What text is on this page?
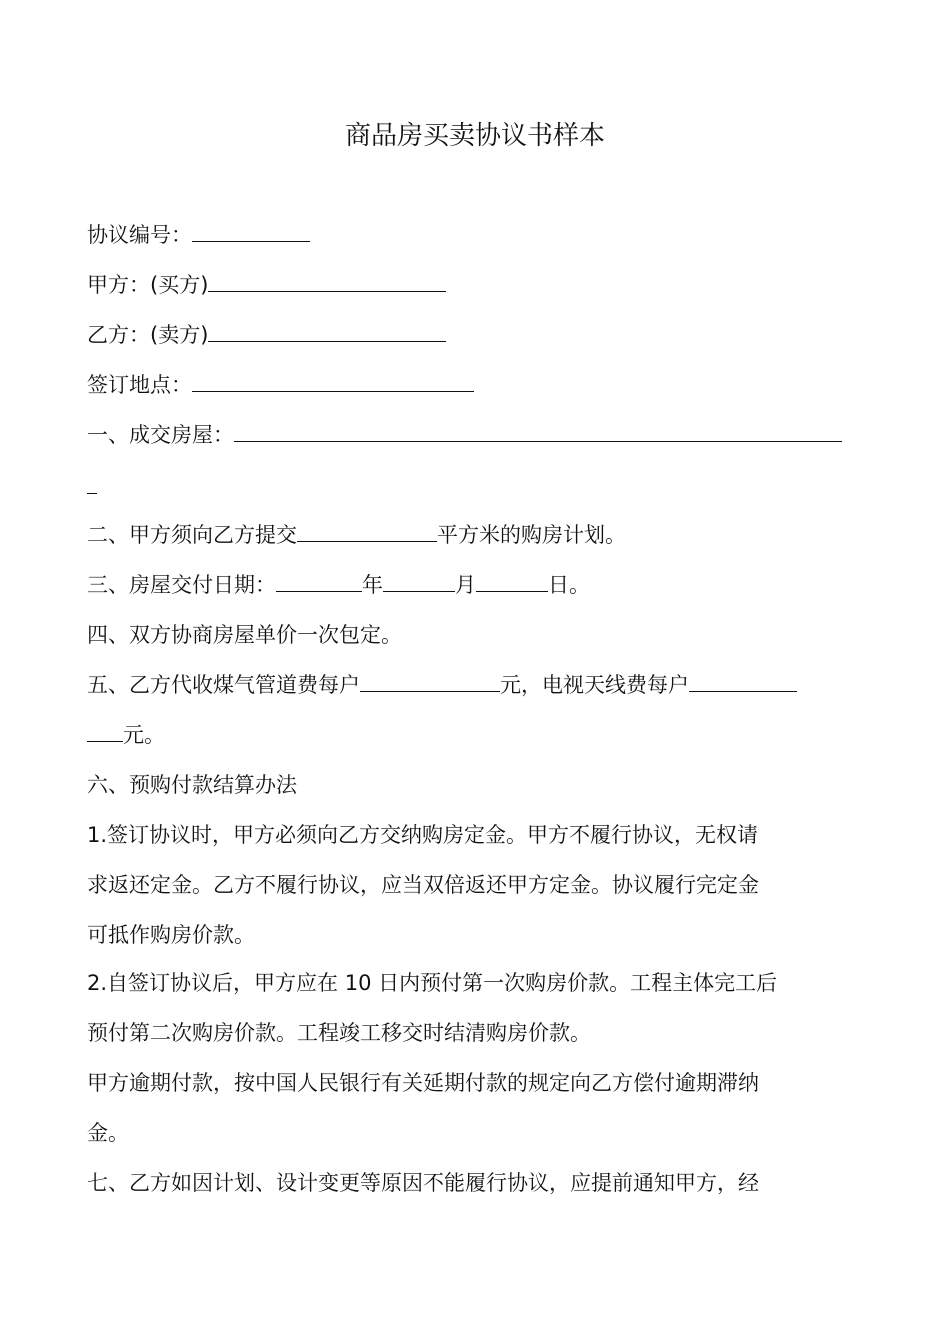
商品房买卖协议书样本
协议编号：
甲方：(买方)
乙方：(卖方)
签订地点：
一、成交房屋：
二、甲方须向乙方提交	平方米的购房计划。
三、房屋交付日期：	年	月	日。
四、双方协商房屋单价一次包定。
五、乙方代收煤气管道费每户	元，电视天线费每户
元。
六、预购付款结算办法
1.签订协议时，甲方必须向乙方交纳购房定金。甲方不履行协议，无权请
求返还定金。乙方不履行协议，应当双倍返还甲方定金。协议履行完定金
可抵作购房价款。
2.自签订协议后，甲方应在 10 日内预付第一次购房价款。工程主体完工后
预付第二次购房价款。工程竣工移交时结清购房价款。
甲方逾期付款，按中国人民银行有关延期付款的规定向乙方偿付逾期滞纳
金。
七、乙方如因计划、设计变更等原因不能履行协议，应提前通知甲方，经
